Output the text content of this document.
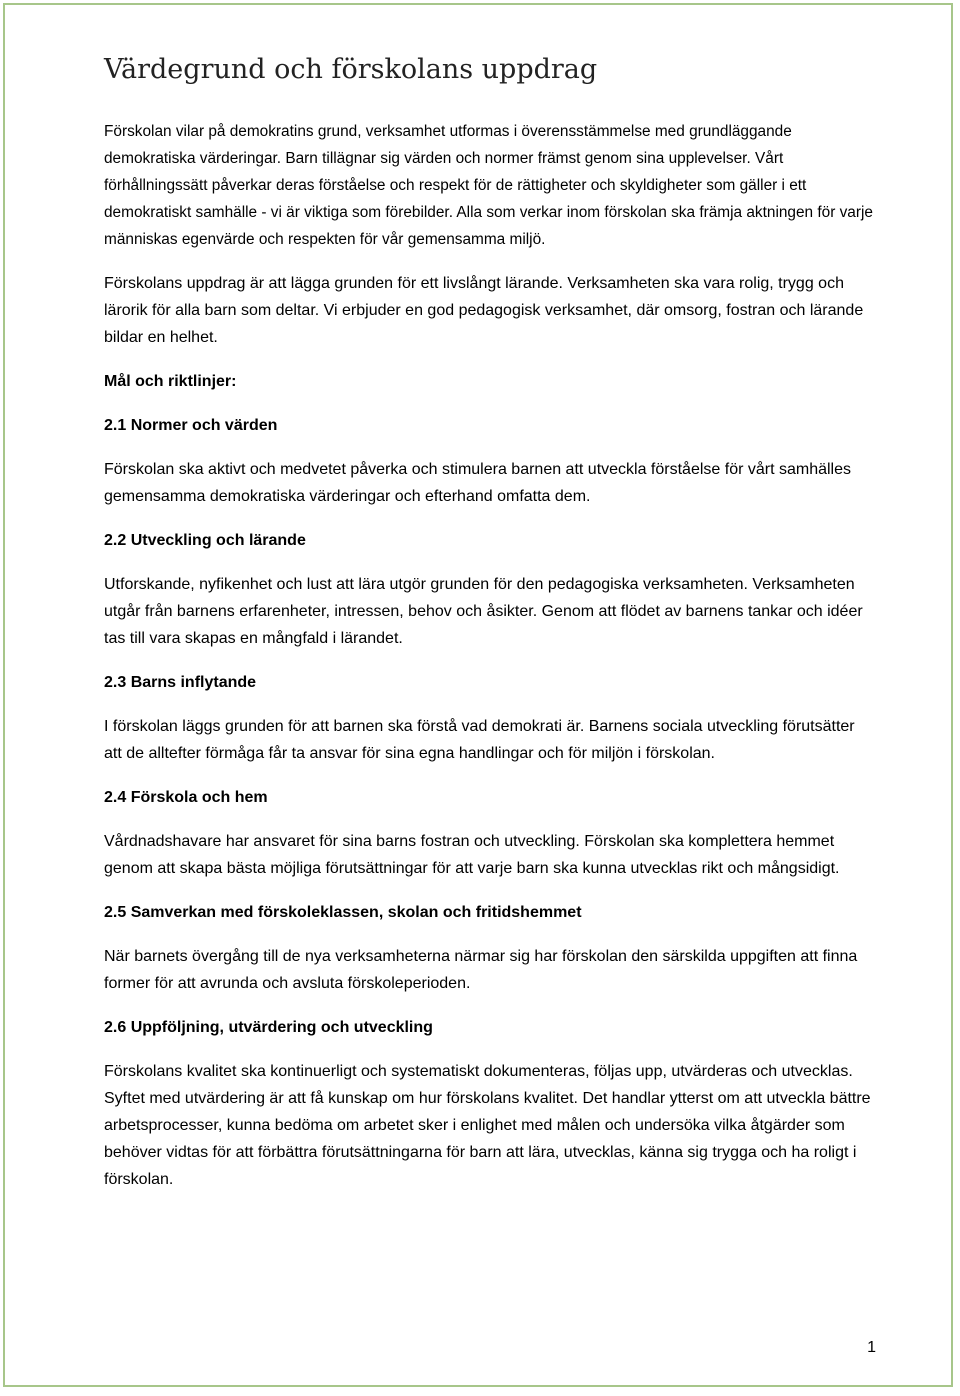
Värdegrund och förskolans uppdrag

Förskolan vilar på demokratins grund, verksamhet utformas i överensstämmelse med grundläggande demokratiska värderingar. Barn tillägnar sig värden och normer främst genom sina upplevelser. Vårt förhållningssätt påverkar deras förståelse och respekt för de rättigheter och skyldigheter som gäller i ett demokratiskt samhälle - vi är viktiga som förebilder. Alla som verkar inom förskolan ska främja aktningen för varje människas egenvärde och respekten för vår gemensamma miljö.

Förskolans uppdrag är att lägga grunden för ett livslångt lärande. Verksamheten ska vara rolig, trygg och lärorik för alla barn som deltar. Vi erbjuder en god pedagogisk verksamhet, där omsorg, fostran och lärande bildar en helhet.

Mål och riktlinjer:
2.1 Normer och värden

Förskolan ska aktivt och medvetet påverka och stimulera barnen att utveckla förståelse för vårt samhälles gemensamma demokratiska värderingar och efterhand omfatta dem.

2.2 Utveckling och lärande

Utforskande, nyfikenhet och lust att lära utgör grunden för den pedagogiska verksamheten. Verksamheten utgår från barnens erfarenheter, intressen, behov och åsikter. Genom att flödet av barnens tankar och idéer tas till vara skapas en mångfald i lärandet.

2.3 Barns inflytande

I förskolan läggs grunden för att barnen ska förstå vad demokrati är. Barnens sociala utveckling förutsätter att de alltefter förmåga får ta ansvar för sina egna handlingar och för miljön i förskolan.

2.4 Förskola och hem

Vårdnadshavare har ansvaret för sina barns fostran och utveckling. Förskolan ska komplettera hemmet genom att skapa bästa möjliga förutsättningar för att varje barn ska kunna utvecklas rikt och mångsidigt.

2.5 Samverkan med förskoleklassen, skolan och fritidshemmet

När barnets övergång till de nya verksamheterna närmar sig har förskolan den särskilda uppgiften att finna former för att avrunda och avsluta förskoleperioden.

2.6 Uppföljning, utvärdering och utveckling

Förskolans kvalitet ska kontinuerligt och systematiskt dokumenteras, följas upp, utvärderas och utvecklas. Syftet med utvärdering är att få kunskap om hur förskolans kvalitet. Det handlar ytterst om att utveckla bättre arbetsprocesser, kunna bedöma om arbetet sker i enlighet med målen och undersöka vilka åtgärder som behöver vidtas för att förbättra förutsättningarna för barn att lära, utvecklas, känna sig trygga och ha roligt i förskolan.

1
